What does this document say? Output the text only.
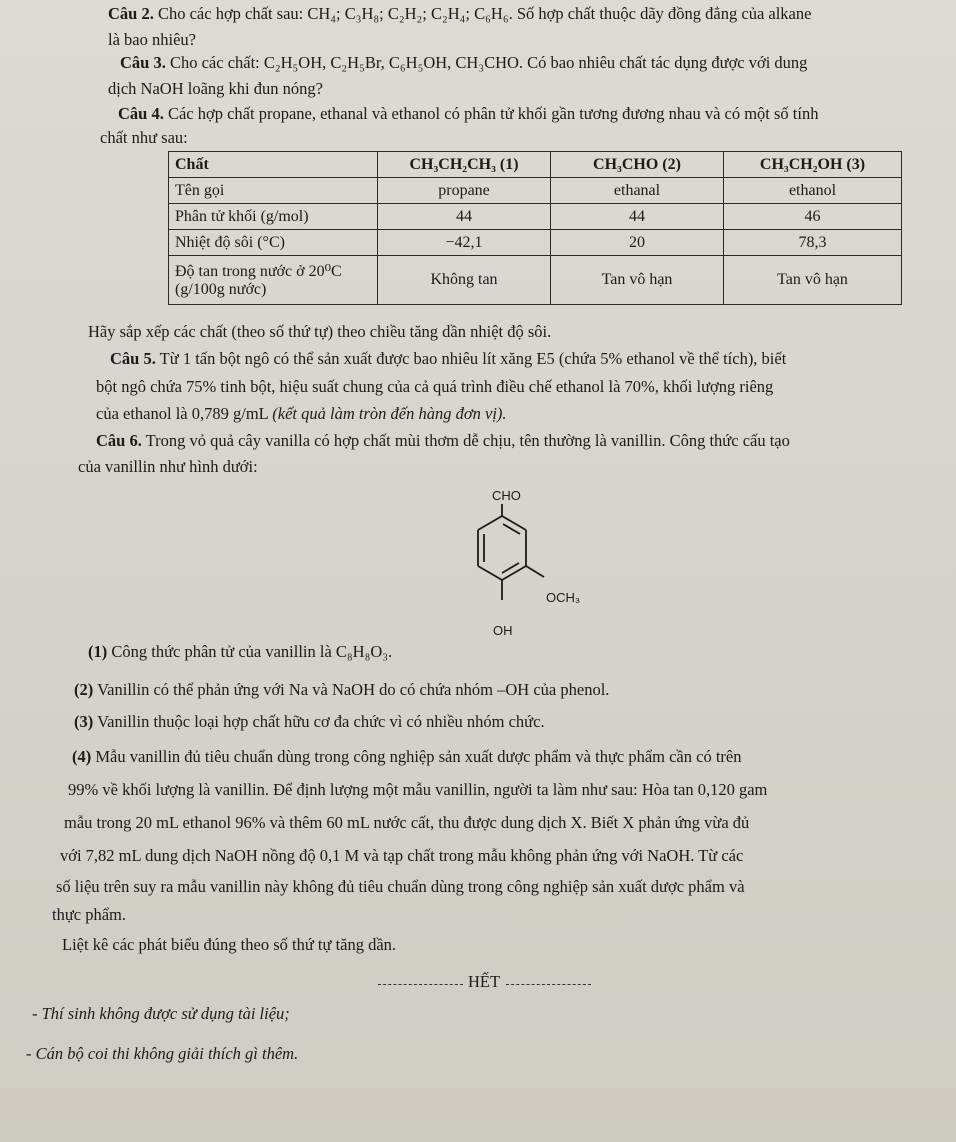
Câu 2. Cho các hợp chất sau: CH₄; C₃H₈; C₂H₂; C₂H₄; C₆H₆. Số hợp chất thuộc dãy đồng đẳng của alkane
là bao nhiêu?
Câu 3. Cho các chất: C₂H₅OH, C₂H₅Br, C₆H₅OH, CH₃CHO. Có bao nhiêu chất tác dụng được với dung
dịch NaOH loãng khi đun nóng?
Câu 4. Các hợp chất propane, ethanal và ethanol có phân tử khối gần tương đương nhau và có một số tính
chất như sau:
Chất	CH₃CH₂CH₃ (1)	CH₃CHO (2)	CH₃CH₂OH (3)
Tên gọi	propane	ethanal	ethanol
Phân tử khối (g/mol)	44	44	46
Nhiệt độ sôi (°C)	−42,1	20	78,3

Độ tan trong nước ở 20⁰C
(g/100g nước)	Không tan	Tan vô hạn	Tan vô hạn
Hãy sắp xếp các chất (theo số thứ tự) theo chiều tăng dần nhiệt độ sôi.
Câu 5. Từ 1 tấn bột ngô có thể sản xuất được bao nhiêu lít xăng E5 (chứa 5% ethanol về thể tích), biết
bột ngô chứa 75% tinh bột, hiệu suất chung của cả quá trình điều chế ethanol là 70%, khối lượng riêng
của ethanol là 0,789 g/mL (kết quả làm tròn đến hàng đơn vị).
Câu 6. Trong vỏ quả cây vanilla có hợp chất mùi thơm dễ chịu, tên thường là vanillin. Công thức cấu tạo
của vanillin như hình dưới:
CHO
OCH₃
OH
(1) Công thức phân tử của vanillin là C₈H₈O₃.
(2) Vanillin có thể phản ứng với Na và NaOH do có chứa nhóm –OH của phenol.
(3) Vanillin thuộc loại hợp chất hữu cơ đa chức vì có nhiều nhóm chức.
(4) Mẫu vanillin đủ tiêu chuẩn dùng trong công nghiệp sản xuất dược phẩm và thực phẩm cần có trên
99% về khối lượng là vanillin. Để định lượng một mẫu vanillin, người ta làm như sau: Hòa tan 0,120 gam
mẫu trong 20 mL ethanol 96% và thêm 60 mL nước cất, thu được dung dịch X. Biết X phản ứng vừa đủ
với 7,82 mL dung dịch NaOH nồng độ 0,1 M và tạp chất trong mẫu không phản ứng với NaOH. Từ các
số liệu trên suy ra mẫu vanillin này không đủ tiêu chuẩn dùng trong công nghiệp sản xuất dược phẩm và
thực phẩm.
Liệt kê các phát biểu đúng theo số thứ tự tăng dần.
HẾT
- Thí sinh không được sử dụng tài liệu;
- Cán bộ coi thi không giải thích gì thêm.
